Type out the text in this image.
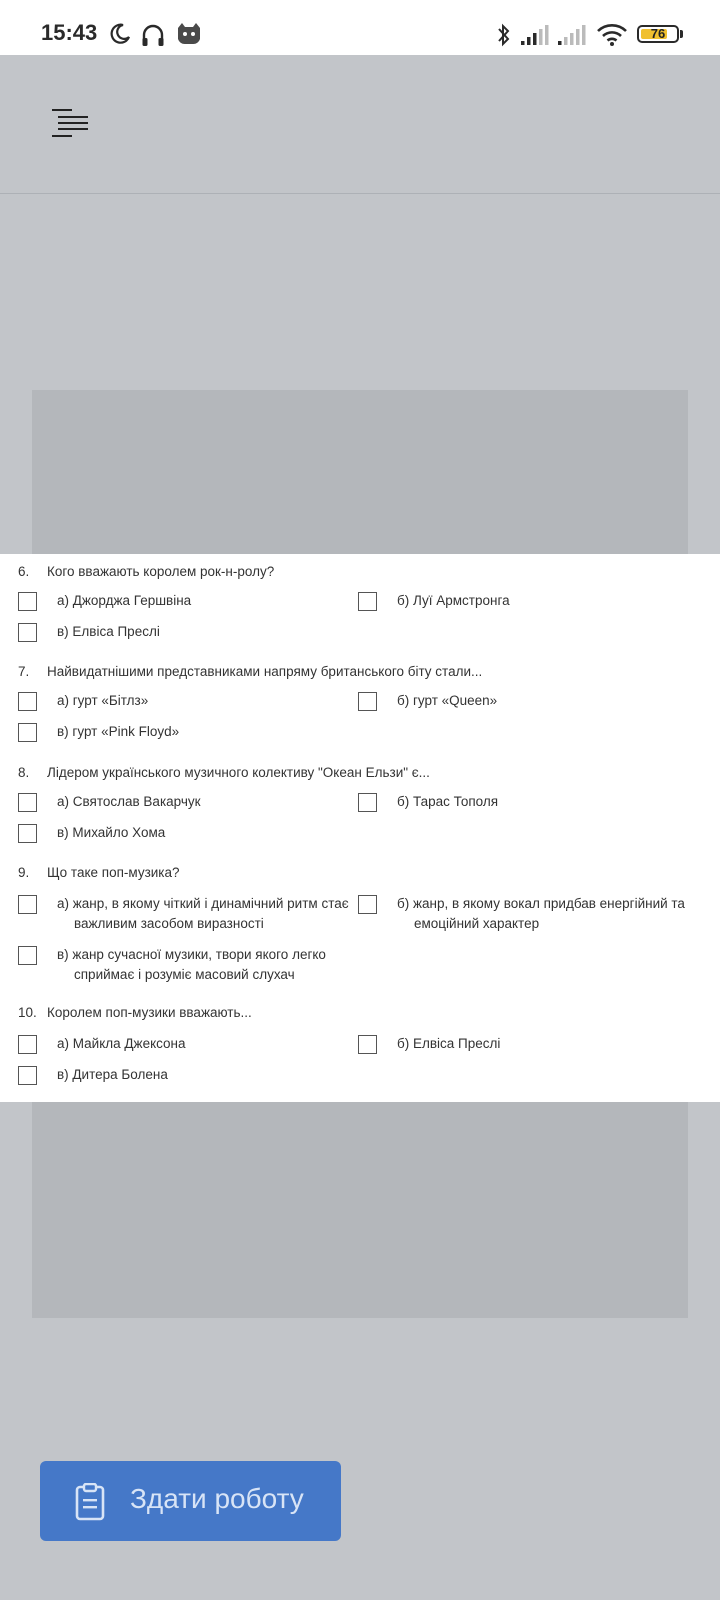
15:43	76
6. Кого вважають королем рок-н-ролу?
а) Джорджа Гершвіна	б) Луї Армстронга
в) Елвіса Преслі
7. Найвидатнішими представниками напряму британського біту стали...
а) гурт «Бітлз»	б) гурт «Queen»
в) гурт «Pink Floyd»
8. Лідером українського музичного колективу "Океан Ельзи" є...
а) Святослав Вакарчук	б) Тарас Тополя
в) Михайло Хома
9. Що таке поп-музика?
а) жанр, в якому чіткий і динамічний ритм стає
важливим засобом виразності
б) жанр, в якому вокал придбав енергійний та
емоційний характер
в) жанр сучасної музики, твори якого легко
сприймає і розуміє масовий слухач
10. Королем поп-музики вважають...
а) Майкла Джексона	б) Елвіса Преслі
в) Дитера Болена
Здати роботу
